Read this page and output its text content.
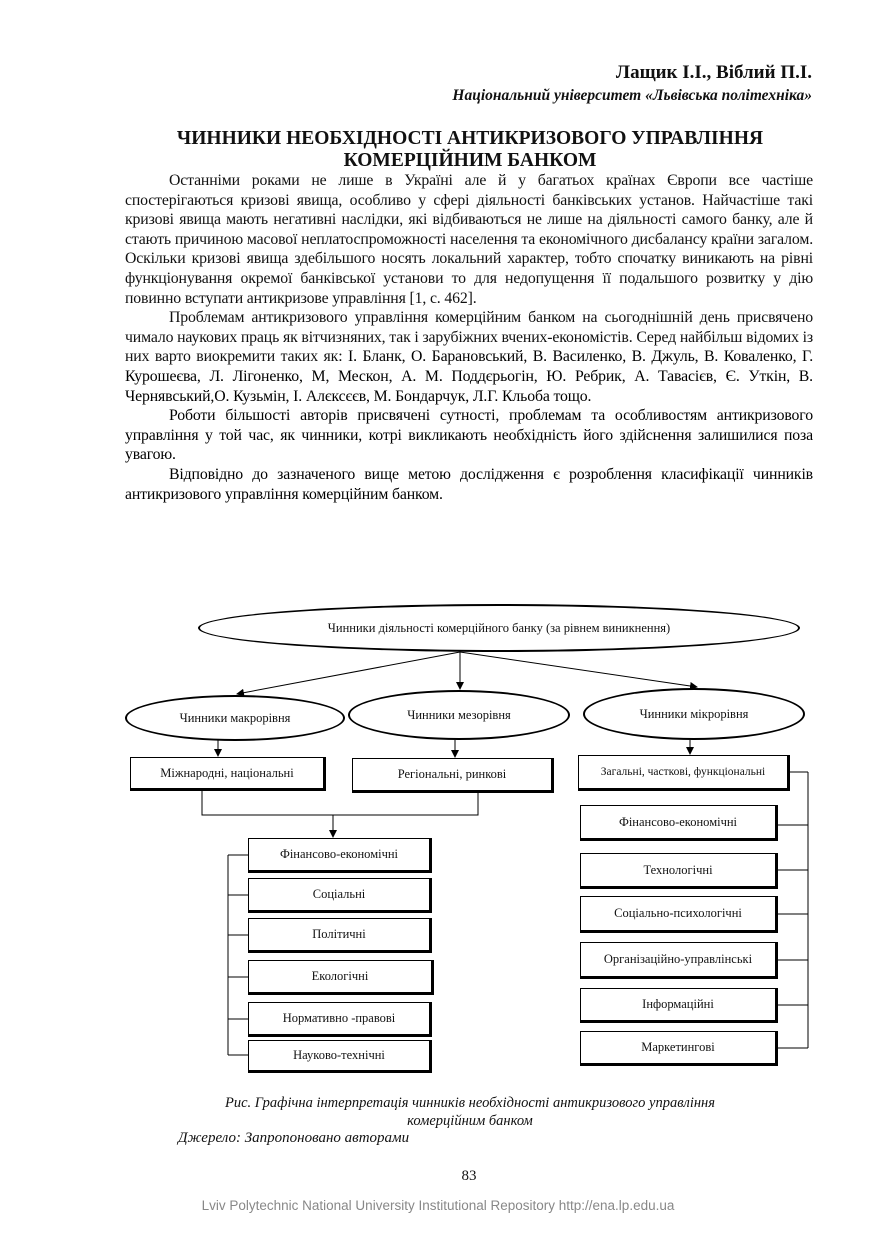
Лащик І.І., Віблий П.І.
Національний університет «Львівська політехніка»
ЧИННИКИ НЕОБХІДНОСТІ АНТИКРИЗОВОГО УПРАВЛІННЯ
КОМЕРЦІЙНИМ БАНКОМ

Останніми роками не лише в Україні але й у багатьох країнах Європи все частіше спостерігаються кризові явища, особливо у сфері діяльності банківських установ. Найчастіше такі кризові явища мають негативні наслідки, які відбиваються не лише на діяльності самого банку, але й стають причиною масової неплатоспроможності населення та економічного дисбалансу країни загалом. Оскільки кризові явища здебільшого носять локальний характер, тобто спочатку виникають на рівні функціонування окремої банківської установи то для недопущення її подальшого розвитку у дію повинно вступати антикризове управління [1, с. 462].

Проблемам антикризового управління комерційним банком на сьогоднішній день присвячено чимало наукових праць як вітчизняних, так і зарубіжних вчених-економістів. Серед найбільш відомих із них варто виокремити таких як: І. Бланк, О. Барановський, В. Василенко, В. Джуль, В. Коваленко, Г. Курошеєва, Л. Лігоненко, М, Мескон, А. М. Поддєрьогін, Ю. Ребрик, А. Тавасієв, Є. Уткін, В. Чернявський,О. Кузьмін, І. Алєксєєв, М. Бондарчук, Л.Г. Кльоба тощо.

Роботи більшості авторів присвячені сутності, проблемам та особливостям антикризового управління у той час, як чинники, котрі викликають необхідність його здійснення залишилися поза увагою.

Відповідно до зазначеного вище метою дослідження є розроблення класифікації чинників антикризового управління комерційним банком.

Чинники діяльності комерційного банку (за рівнем виникнення)
Чинники макрорівня	Чинники мезорівня	Чинники мікрорівня
Міжнародні, національні	Регіональні, ринкові	Загальні, часткові, функціональні
Фінансово-економічні
Соціальні
Політичні
Екологічні
Нормативно -правові
Науково-технічні
Фінансово-економічні
Технологічні
Соціально-психологічні
Організаційно-управлінські
Інформаційні
Маркетингові
Рис. Графічна інтерпретація чинників необхідності антикризового управління
комерційним банком
Джерело: Запропоновано авторами
83
Lviv Polytechnic National University Institutional Repository http://ena.lp.edu.ua
